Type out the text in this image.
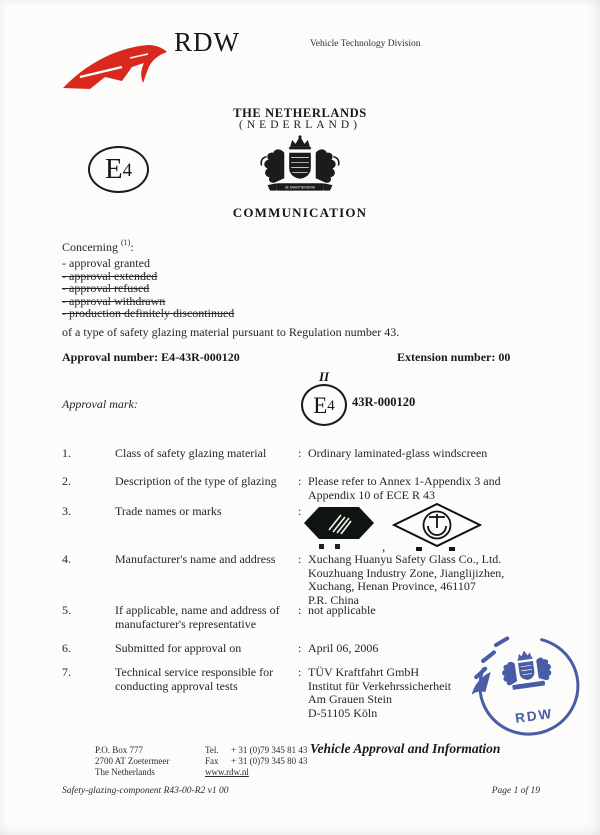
RDW	Vehicle Technology Division
THE NETHERLANDS
(NEDERLAND)
E 4
JE MAINTIENDRAI
COMMUNICATION
Concerning $^{(1)}$:
- approval granted
- approval extended
- approval refused
- approval withdrawn
- production definitely discontinued
of a type of safety glazing material pursuant to Regulation number 43.
Approval number: E4-43R-000120	Extension number: 00
Approval mark:
II
E 4 43R-000120
1.	Class of safety glazing material	: Ordinary laminated-glass windscreen
2.	Description of the type of glazing	: Please refer to Annex 1-Appendix 3 and
Appendix 10 of ECE R 43
3.	Trade names or marks	:
,
4.	Manufacturer's name and address	: Xuchang Huanyu Safety Glass Co., Ltd.
Kouzhuang Industry Zone, Jianglijizhen,
Xuchang, Henan Province, 461107
P.R. China
5.	If applicable, name and address of
manufacturer's representative
: not applicable
6.	Submitted for approval on	: April 06, 2006
7.	Technical service responsible for
conducting approval tests
: TÜV Kraftfahrt GmbH
Institut für Verkehrssicherheit
Am Grauen Stein
D-51105 Köln	RDW
P.O. Box 777
2700 AT Zoetermeer
The Netherlands
Tel. + 31 (0)79 345 81 43
Fax + 31 (0)79 345 80 43
www.rdw.nl
Vehicle Approval and Information
Safety-glazing-component R43-00-R2 v1 00	Page 1 of 19
